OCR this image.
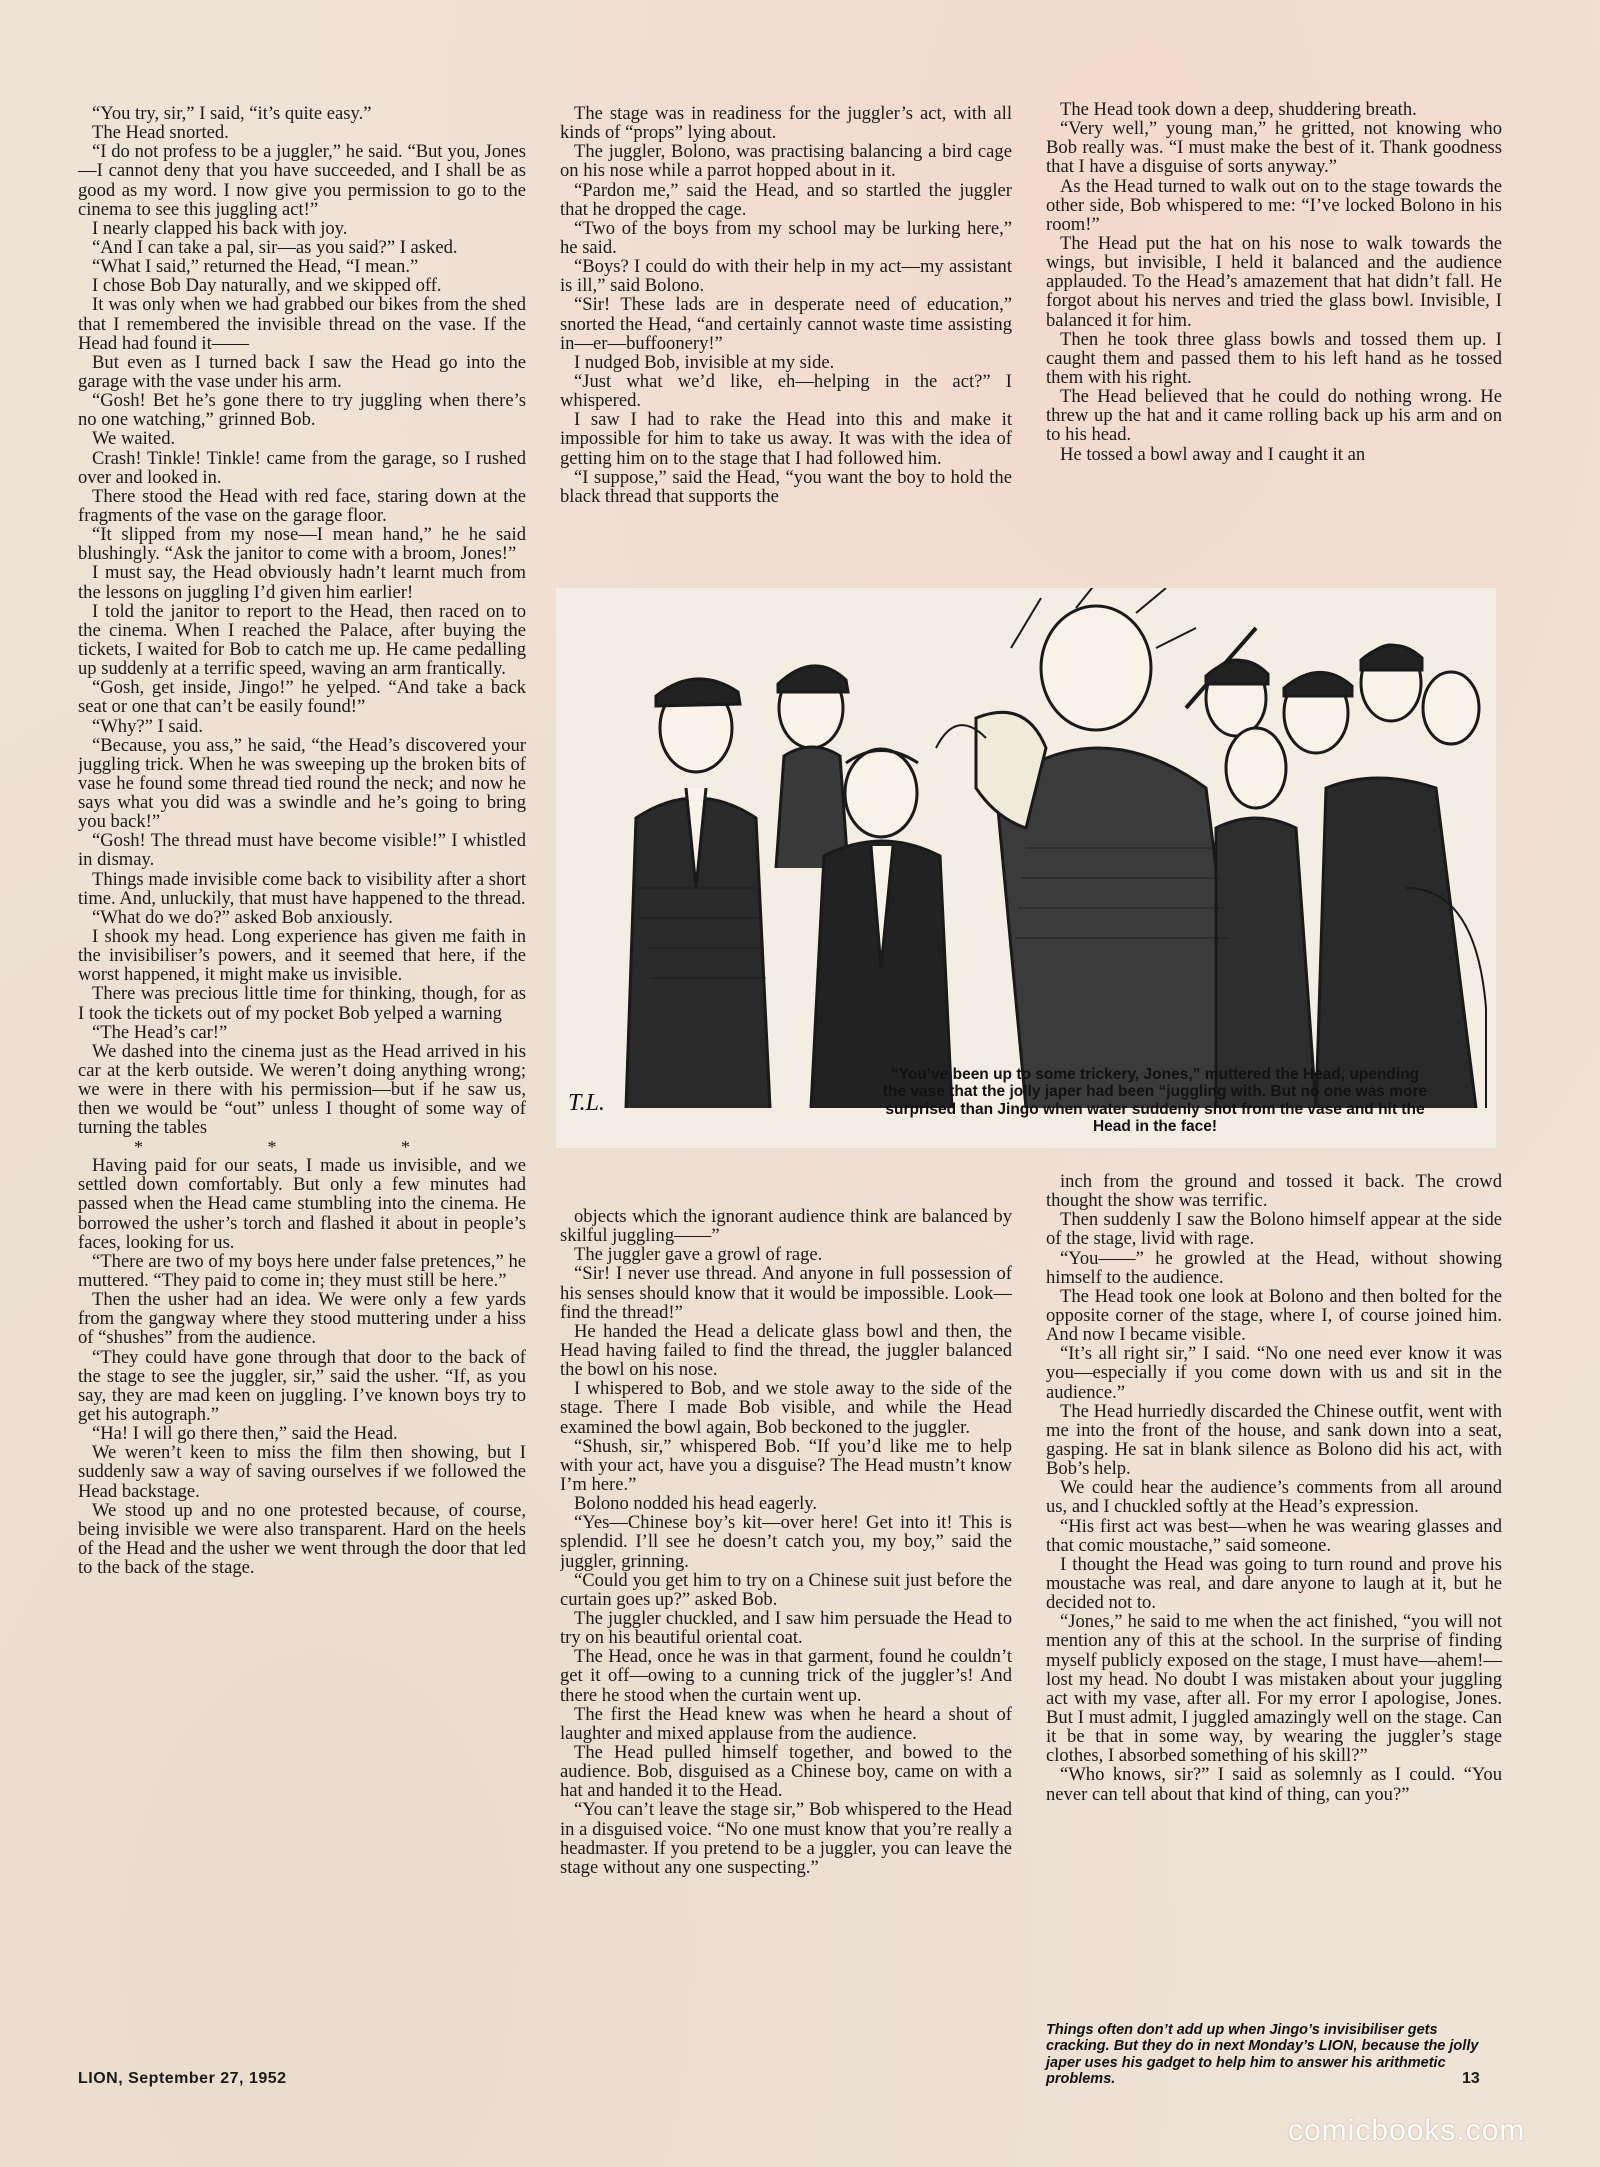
“You try, sir,” I said, “it’s quite easy.”

The Head snorted.

“I do not profess to be a juggler,” he said. “But you, Jones—I cannot deny that you have succeeded, and I shall be as good as my word. I now give you permission to go to the cinema to see this juggling act!”

I nearly clapped his back with joy.

“And I can take a pal, sir—as you said?” I asked.

“What I said,” returned the Head, “I mean.”

I chose Bob Day naturally, and we skipped off.

It was only when we had grabbed our bikes from the shed that I remembered the invisible thread on the vase. If the Head had found it——

But even as I turned back I saw the Head go into the garage with the vase under his arm.

“Gosh! Bet he’s gone there to try juggling when there’s no one watching,” grinned Bob.

We waited.

Crash! Tinkle! Tinkle! came from the garage, so I rushed over and looked in.

There stood the Head with red face, staring down at the fragments of the vase on the garage floor.

“It slipped from my nose—I mean hand,” he he said blushingly. “Ask the janitor to come with a broom, Jones!”

I must say, the Head obviously hadn’t learnt much from the lessons on juggling I’d given him earlier!

I told the janitor to report to the Head, then raced on to the cinema. When I reached the Palace, after buying the tickets, I waited for Bob to catch me up. He came pedalling up suddenly at a terrific speed, waving an arm frantically.

“Gosh, get inside, Jingo!” he yelped. “And take a back seat or one that can’t be easily found!”

“Why?” I said.

“Because, you ass,” he said, “the Head’s discovered your juggling trick. When he was sweeping up the broken bits of vase he found some thread tied round the neck; and now he says what you did was a swindle and he’s going to bring you back!”

“Gosh! The thread must have become visible!” I whistled in dismay.

Things made invisible come back to visibility after a short time. And, unluckily, that must have happened to the thread.

“What do we do?” asked Bob anxiously.

I shook my head. Long experience has given me faith in the invisibiliser’s powers, and it seemed that here, if the worst happened, it might make us invisible.

There was precious little time for thinking, though, for as I took the tickets out of my pocket Bob yelped a warning

“The Head’s car!”

We dashed into the cinema just as the Head arrived in his car at the kerb outside. We weren’t doing anything wrong; we were in there with his permission—but if he saw us, then we would be “out” unless I thought of some way of turning the tables

* * *

Having paid for our seats, I made us invisible, and we settled down comfortably. But only a few minutes had passed when the Head came stumbling into the cinema. He borrowed the usher’s torch and flashed it about in people’s faces, looking for us.

“There are two of my boys here under false pretences,” he muttered. “They paid to come in; they must still be here.”

Then the usher had an idea. We were only a few yards from the gangway where they stood muttering under a hiss of “shushes” from the audience.

“They could have gone through that door to the back of the stage to see the juggler, sir,” said the usher. “If, as you say, they are mad keen on juggling. I’ve known boys try to get his autograph.”

“Ha! I will go there then,” said the Head.

We weren’t keen to miss the film then showing, but I suddenly saw a way of saving ourselves if we followed the Head backstage.

We stood up and no one protested because, of course, being invisible we were also transparent. Hard on the heels of the Head and the usher we went through the door that led to the back of the stage.

The stage was in readiness for the juggler’s act, with all kinds of “props” lying about.

The juggler, Bolono, was practising balancing a bird cage on his nose while a parrot hopped about in it.

“Pardon me,” said the Head, and so startled the juggler that he dropped the cage.

“Two of the boys from my school may be lurking here,” he said.

“Boys? I could do with their help in my act—my assistant is ill,” said Bolono.

“Sir! These lads are in desperate need of education,” snorted the Head, “and certainly cannot waste time assisting in—er—buffoonery!”

I nudged Bob, invisible at my side.

“Just what we’d like, eh—helping in the act?” I whispered.

I saw I had to rake the Head into this and make it impossible for him to take us away. It was with the idea of getting him on to the stage that I had followed him.

“I suppose,” said the Head, “you want the boy to hold the black thread that supports the

The Head took down a deep, shuddering breath.

“Very well,” young man,” he gritted, not knowing who Bob really was. “I must make the best of it. Thank goodness that I have a disguise of sorts anyway.”

As the Head turned to walk out on to the stage towards the other side, Bob whispered to me: “I’ve locked Bolono in his room!”

The Head put the hat on his nose to walk towards the wings, but invisible, I held it balanced and the audience applauded. To the Head’s amazement that hat didn’t fall. He forgot about his nerves and tried the glass bowl. Invisible, I balanced it for him.

Then he took three glass bowls and tossed them up. I caught them and passed them to his left hand as he tossed them with his right.

The Head believed that he could do nothing wrong. He threw up the hat and it came rolling back up his arm and on to his head.

He tossed a bowl away and I caught it an

T.L.
“You’ve been up to some trickery, Jones,” muttered the Head, upending the vase that the jolly japer had been “juggling with. But no one was more surprised than Jingo when water suddenly shot from the vase and hit the Head in the face!

objects which the ignorant audience think are balanced by skilful juggling——”

The juggler gave a growl of rage.

“Sir! I never use thread. And anyone in full possession of his senses should know that it would be impossible. Look—find the thread!”

He handed the Head a delicate glass bowl and then, the Head having failed to find the thread, the juggler balanced the bowl on his nose.

I whispered to Bob, and we stole away to the side of the stage. There I made Bob visible, and while the Head examined the bowl again, Bob beckoned to the juggler.

“Shush, sir,” whispered Bob. “If you’d like me to help with your act, have you a disguise? The Head mustn’t know I’m here.”

Bolono nodded his head eagerly.

“Yes—Chinese boy’s kit—over here! Get into it! This is splendid. I’ll see he doesn’t catch you, my boy,” said the juggler, grinning.

“Could you get him to try on a Chinese suit just before the curtain goes up?” asked Bob.

The juggler chuckled, and I saw him persuade the Head to try on his beautiful oriental coat.

The Head, once he was in that garment, found he couldn’t get it off—owing to a cunning trick of the juggler’s! And there he stood when the curtain went up.

The first the Head knew was when he heard a shout of laughter and mixed applause from the audience.

The Head pulled himself together, and bowed to the audience. Bob, disguised as a Chinese boy, came on with a hat and handed it to the Head.

“You can’t leave the stage sir,” Bob whispered to the Head in a disguised voice. “No one must know that you’re really a headmaster. If you pretend to be a juggler, you can leave the stage without any one suspecting.”

inch from the ground and tossed it back. The crowd thought the show was terrific.

Then suddenly I saw the Bolono himself appear at the side of the stage, livid with rage.

“You——” he growled at the Head, without showing himself to the audience.

The Head took one look at Bolono and then bolted for the opposite corner of the stage, where I, of course joined him. And now I became visible.

“It’s all right sir,” I said. “No one need ever know it was you—especially if you come down with us and sit in the audience.”

The Head hurriedly discarded the Chinese outfit, went with me into the front of the house, and sank down into a seat, gasping. He sat in blank silence as Bolono did his act, with Bob’s help.

We could hear the audience’s comments from all around us, and I chuckled softly at the Head’s expression.

“His first act was best—when he was wearing glasses and that comic moustache,” said someone.

I thought the Head was going to turn round and prove his moustache was real, and dare anyone to laugh at it, but he decided not to.

“Jones,” he said to me when the act finished, “you will not mention any of this at the school. In the surprise of finding myself publicly exposed on the stage, I must have—ahem!—lost my head. No doubt I was mistaken about your juggling act with my vase, after all. For my error I apologise, Jones. But I must admit, I juggled amazingly well on the stage. Can it be that in some way, by wearing the juggler’s stage clothes, I absorbed something of his skill?”

“Who knows, sir?” I said as solemnly as I could. “You never can tell about that kind of thing, can you?”

Things often don’t add up when Jingo’s invisibiliser gets cracking. But they do in next Monday’s LION, because the jolly japer uses his gadget to help him to answer his arithmetic problems.
LION, September 27, 1952	13
comicbooks.com
